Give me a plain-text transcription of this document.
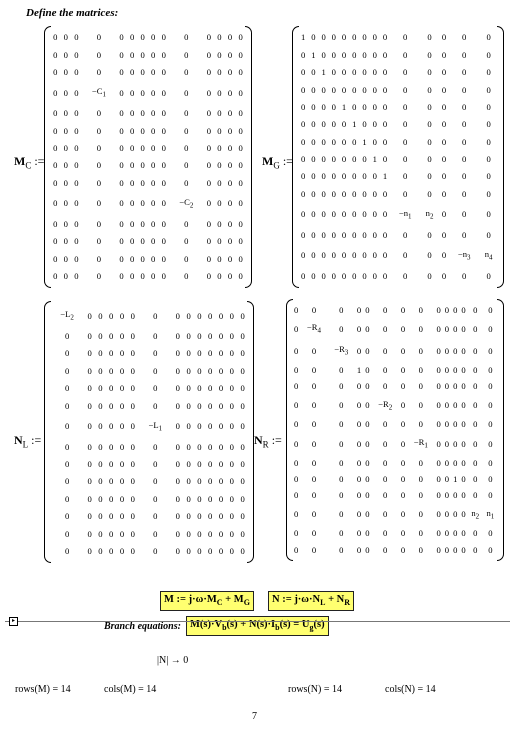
Define the matrices:
$M_C$ :=	$M_G$ :=
$N_L$ :=	$N_R$ :=
0	0	0	0	0	0	0	0	0	0	0	0	0	0
0	0	0	0	0	0	0	0	0	0	0	0	0	0
0	0	0	0	0	0	0	0	0	0	0	0	0	0
0	0	0	$-C_1$	0	0	0	0	0	0	0	0	0	0
0	0	0	0	0	0	0	0	0	0	0	0	0	0
0	0	0	0	0	0	0	0	0	0	0	0	0	0
0	0	0	0	0	0	0	0	0	0	0	0	0	0
0	0	0	0	0	0	0	0	0	0	0	0	0	0
0	0	0	0	0	0	0	0	0	0	0	0	0	0
0	0	0	0	0	0	0	0	0	$-C_2$	0	0	0	0
0	0	0	0	0	0	0	0	0	0	0	0	0	0
0	0	0	0	0	0	0	0	0	0	0	0	0	0
0	0	0	0	0	0	0	0	0	0	0	0	0	0
0	0	0	0	0	0	0	0	0	0	0	0	0	0
1	0	0	0	0	0	0	0	0	0	0	0	0	0
0	1	0	0	0	0	0	0	0	0	0	0	0	0
0	0	1	0	0	0	0	0	0	0	0	0	0	0
0	0	0	0	0	0	0	0	0	0	0	0	0	0
0	0	0	0	1	0	0	0	0	0	0	0	0	0
0	0	0	0	0	1	0	0	0	0	0	0	0	0
0	0	0	0	0	0	1	0	0	0	0	0	0	0
0	0	0	0	0	0	0	1	0	0	0	0	0	0
0	0	0	0	0	0	0	0	1	0	0	0	0	0
0	0	0	0	0	0	0	0	0	0	0	0	0	0
0	0	0	0	0	0	0	0	0	$-n_1$	$n_2$	0	0	0
0	0	0	0	0	0	0	0	0	0	0	0	0	0
0	0	0	0	0	0	0	0	0	0	0	0	$-n_3$	$n_4$
0	0	0	0	0	0	0	0	0	0	0	0	0	0
$-L_2$	0	0	0	0	0	0	0	0	0	0	0	0	0
0	0	0	0	0	0	0	0	0	0	0	0	0	0
0	0	0	0	0	0	0	0	0	0	0	0	0	0
0	0	0	0	0	0	0	0	0	0	0	0	0	0
0	0	0	0	0	0	0	0	0	0	0	0	0	0
0	0	0	0	0	0	0	0	0	0	0	0	0	0
0	0	0	0	0	0	$-L_1$	0	0	0	0	0	0	0
0	0	0	0	0	0	0	0	0	0	0	0	0	0
0	0	0	0	0	0	0	0	0	0	0	0	0	0
0	0	0	0	0	0	0	0	0	0	0	0	0	0
0	0	0	0	0	0	0	0	0	0	0	0	0	0
0	0	0	0	0	0	0	0	0	0	0	0	0	0
0	0	0	0	0	0	0	0	0	0	0	0	0	0
0	0	0	0	0	0	0	0	0	0	0	0	0	0
0	0	0	0	0	0	0	0	0	0	0	0	0	0
0	$-R_4$	0	0	0	0	0	0	0	0	0	0	0	0
0	0	$-R_3$	0	0	0	0	0	0	0	0	0	0	0
0	0	0	1	0	0	0	0	0	0	0	0	0	0
0	0	0	0	0	0	0	0	0	0	0	0	0	0
0	0	0	0	0	$-R_2$	0	0	0	0	0	0	0	0
0	0	0	0	0	0	0	0	0	0	0	0	0	0
0	0	0	0	0	0	0	$-R_1$	0	0	0	0	0	0
0	0	0	0	0	0	0	0	0	0	0	0	0	0
0	0	0	0	0	0	0	0	0	0	1	0	0	0
0	0	0	0	0	0	0	0	0	0	0	0	0	0
0	0	0	0	0	0	0	0	0	0	0	0	$n_2$	$n_1$
0	0	0	0	0	0	0	0	0	0	0	0	0	0
0	0	0	0	0	0	0	0	0	0	0	0	0	0
M := $j\cdot\omega\cdot M_C + M_G$	N := $j\cdot\omega\cdot N_L + N_R$
Branch equations: $M(s)\cdot V_b(s) + N(s)\cdot I_b(s) = U_g(s)$
▸
|N| → 0
rows(M) = 14	cols(M) = 14	rows(N) = 14	cols(N) = 14
7
